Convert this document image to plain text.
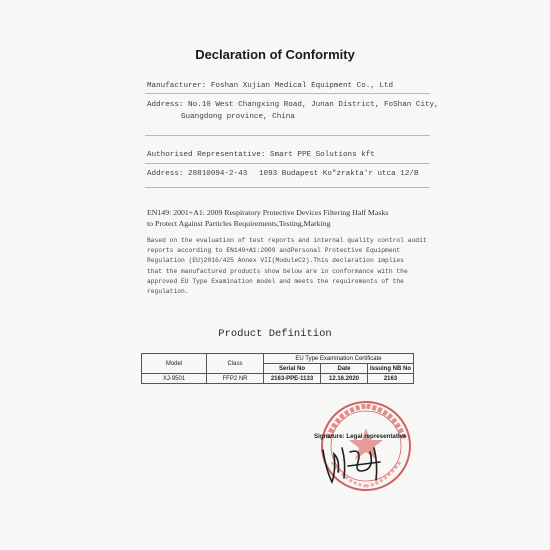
Declaration of Conformity
Manufacturer: Foshan Xujian Medical Equipment Co., Ltd
Address: No.10 West Changxing Road, Junan District, FoShan City,
Guangdong province, China
Authorised Representative: Smart PPE Solutions kft
Address: 28810094-2-43 1093 Budapest Ko"zraktа'r utca 12/B
EN149: 2001+A1: 2009 Respiratory Protective Devices Filtering Half Masks
to Protect Against Particles Requirements,Testing,Marking
Based on the evaluation of test reports and internal quality control audit
reports according to EN149+A1:2009 andPersonal Protective Equipment
Regulation (EU)2016/425 Annex VII(ModuleC2).This declaration implies
that the manufactured products show below are in conformance with the
approved EU Type Examination model and meets the requirements of the
regulation.
Product Definition
Model	Class	EU Type Examination Certificate		
		Serial No	Date	Issuing NB No
XJ-9501	FFP2 NR	2163-PPE-1133	12.16.2020	2163
Signature: Legal representative
